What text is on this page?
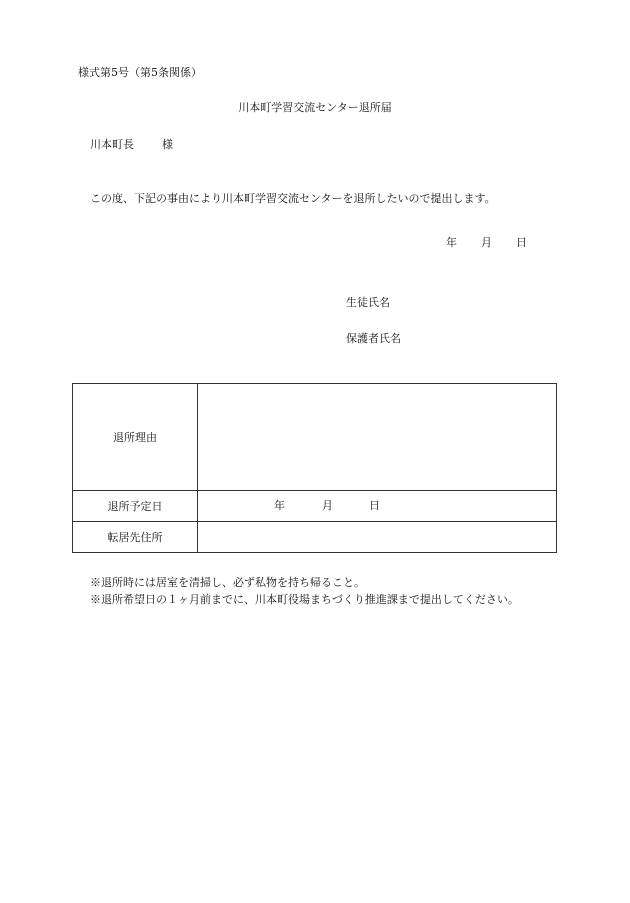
様式第5号（第5条関係）
川本町学習交流センター退所届
川本町長	様
この度、下記の事由により川本町学習交流センターを退所したいので提出します。
年 月 日
生徒氏名
保護者氏名
退所理由	
退所予定日	年 月 日

転居先住所	
※退所時には居室を清掃し、必ず私物を持ち帰ること。
※退所希望日の１ヶ月前までに、川本町役場まちづくり推進課まで提出してください。
